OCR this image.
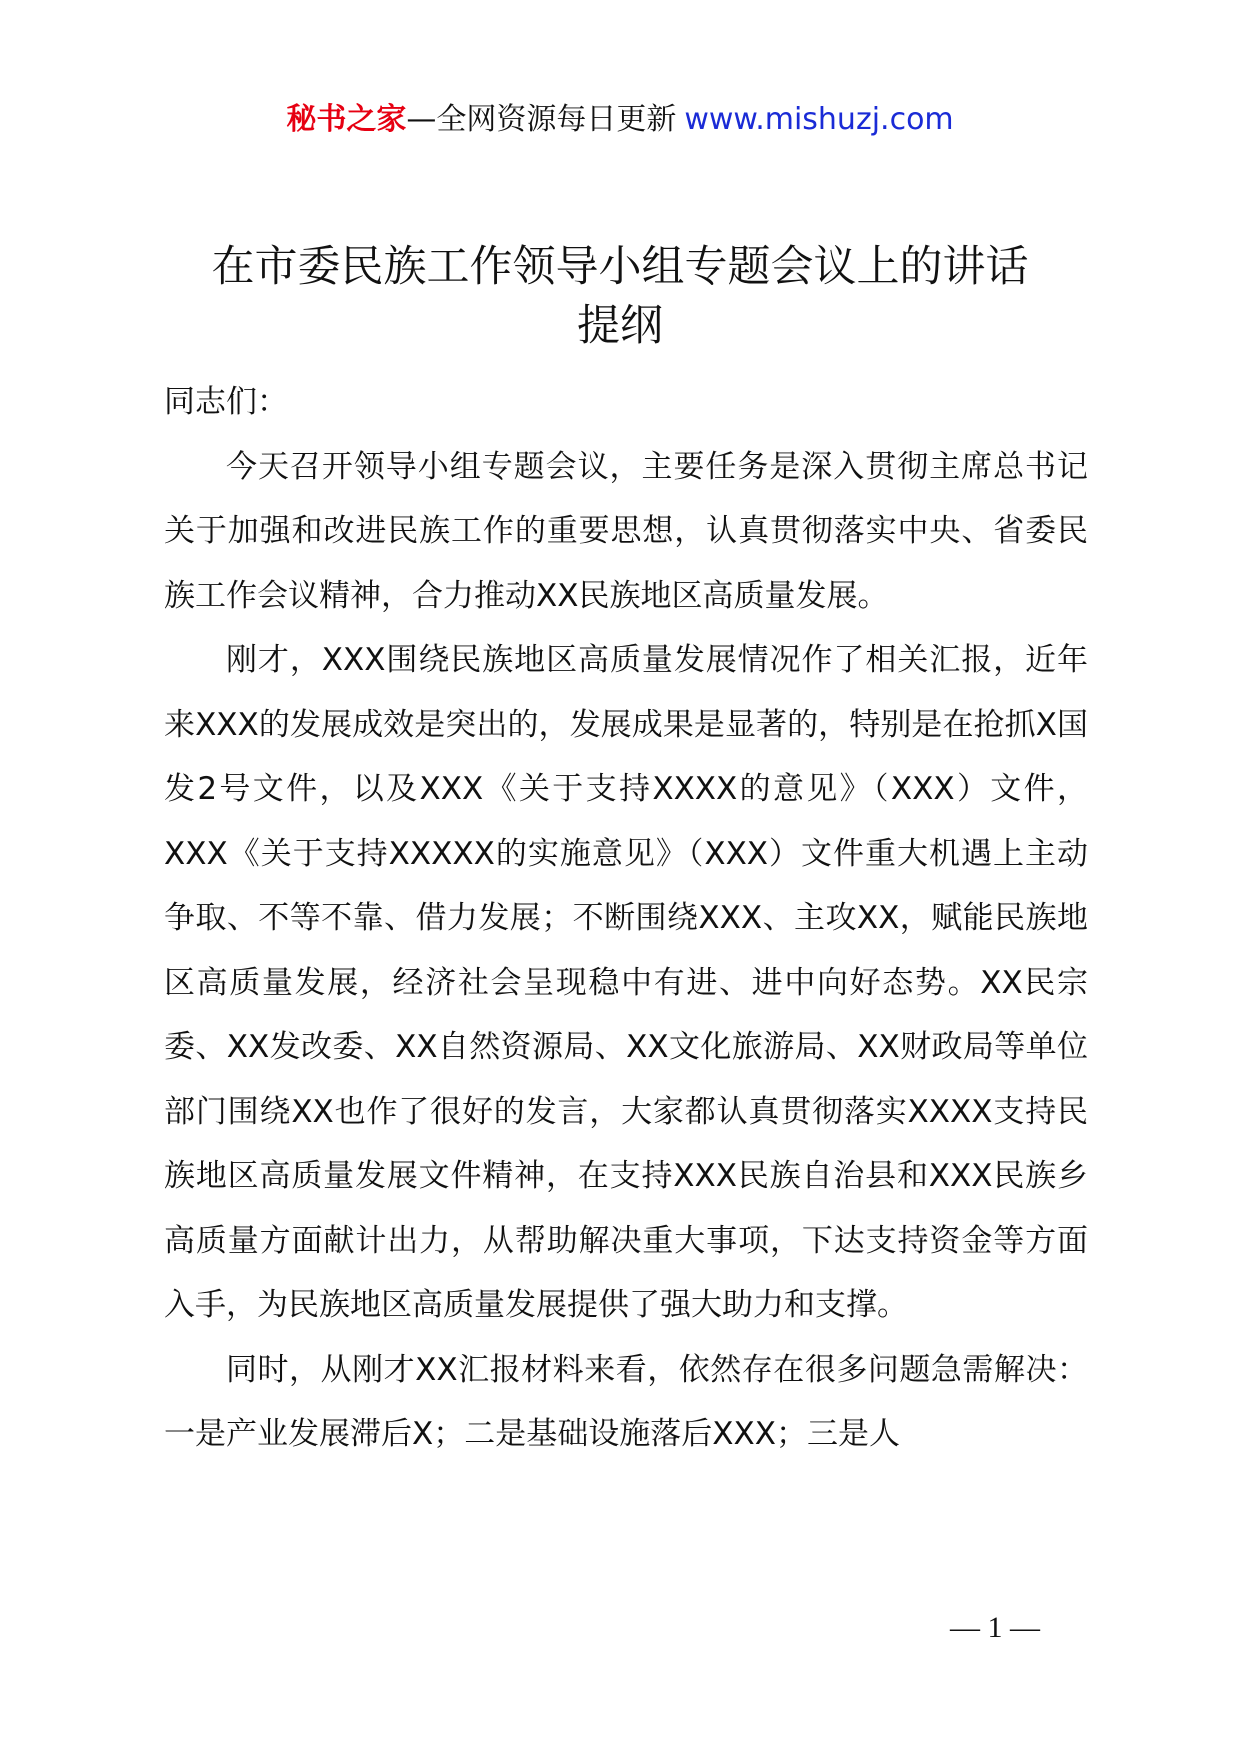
秘书之家—全网资源每日更新 www.mishuzj.com
在市委民族工作领导小组专题会议上的讲话
提纲

同志们：

今天召开领导小组专题会议，主要任务是深入贯彻主席总书记关于加强和改进民族工作的重要思想，认真贯彻落实中央、省委民族工作会议精神，合力推动XX民族地区高质量发展。

刚才，XXX围绕民族地区高质量发展情况作了相关汇报，近年来XXX的发展成效是突出的，发展成果是显著的，特别是在抢抓X国发2号文件，以及XXX《关于支持XXXX的意见》（XXX）文件，XXX《关于支持XXXXX的实施意见》（XXX）文件重大机遇上主动争取、不等不靠、借力发展；不断围绕XXX、主攻XX，赋能民族地区高质量发展，经济社会呈现稳中有进、进中向好态势。XX民宗委、XX发改委、XX自然资源局、XX文化旅游局、XX财政局等单位部门围绕XX也作了很好的发言，大家都认真贯彻落实XXXX支持民族地区高质量发展文件精神，在支持XXX民族自治县和XXX民族乡高质量方面献计出力，从帮助解决重大事项，下达支持资金等方面入手，为民族地区高质量发展提供了强大助力和支撑。

同时，从刚才XX汇报材料来看，依然存在很多问题急需解决：一是产业发展滞后X；二是基础设施落后XXX；三是人

— 1 —
